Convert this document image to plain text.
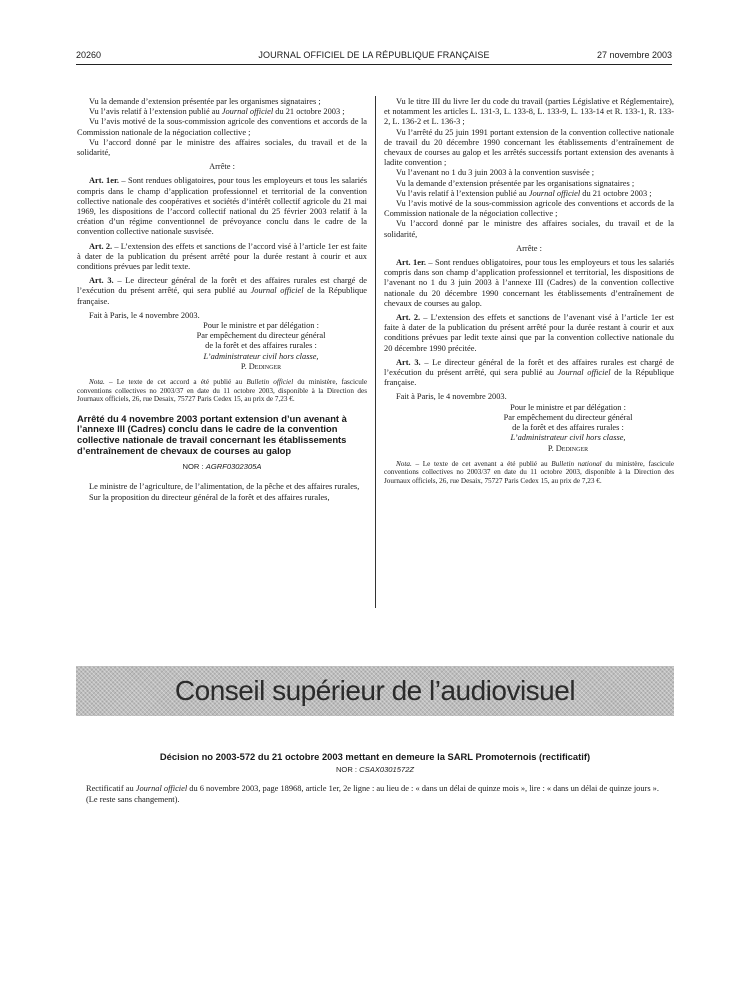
20260	JOURNAL OFFICIEL DE LA RÉPUBLIQUE FRANÇAISE	27 novembre 2003

Vu la demande d’extension présentée par les organismes signataires ;

Vu l’avis relatif à l’extension publié au Journal officiel du 21 octobre 2003 ;

Vu l’avis motivé de la sous-commission agricole des conventions et accords de la Commission nationale de la négociation collective ;

Vu l’accord donné par le ministre des affaires sociales, du travail et de la solidarité,

Arrête :

Art. 1er. – Sont rendues obligatoires, pour tous les employeurs et tous les salariés compris dans le champ d’application professionnel et territorial de la convention collective nationale des coopératives et sociétés d’intérêt collectif agricole du 21 mai 1969, les dispositions de l’accord collectif national du 25 février 2003 relatif à la création d’un régime conventionnel de prévoyance conclu dans le cadre de la convention collective nationale susvisée.

Art. 2. – L’extension des effets et sanctions de l’accord visé à l’article 1er est faite à dater de la publication du présent arrêté pour la durée restant à courir et aux conditions prévues par ledit texte.

Art. 3. – Le directeur général de la forêt et des affaires rurales est chargé de l’exécution du présent arrêté, qui sera publié au Journal officiel de la République française.

Fait à Paris, le 4 novembre 2003.

Pour le ministre et par délégation :
Par empêchement du directeur général
de la forêt et des affaires rurales :
L’administrateur civil hors classe,
P. Dedinger

Nota. – Le texte de cet accord a été publié au Bulletin officiel du ministère, fascicule conventions collectives no 2003/37 en date du 11 octobre 2003, disponible à la Direction des Journaux officiels, 26, rue Desaix, 75727 Paris Cedex 15, au prix de 7,23 €.

Arrêté du 4 novembre 2003 portant extension d’un avenant à l’annexe III (Cadres) conclu dans le cadre de la convention collective nationale de travail concernant les établissements d’entraînement de chevaux de courses au galop

NOR : AGRF0302305A

Le ministre de l’agriculture, de l’alimentation, de la pêche et des affaires rurales,

Sur la proposition du directeur général de la forêt et des affaires rurales,

Vu le titre III du livre Ier du code du travail (parties Législative et Réglementaire), et notamment les articles L. 131-3, L. 133-8, L. 133-9, L. 133-14 et R. 133-1, R. 133-2, L. 136-2 et L. 136-3 ;

Vu l’arrêté du 25 juin 1991 portant extension de la convention collective nationale de travail du 20 décembre 1990 concernant les établissements d’entraînement de chevaux de courses au galop et les arrêtés successifs portant extension des avenants à ladite convention ;

Vu l’avenant no 1 du 3 juin 2003 à la convention susvisée ;

Vu la demande d’extension présentée par les organisations signataires ;

Vu l’avis relatif à l’extension publié au Journal officiel du 21 octobre 2003 ;

Vu l’avis motivé de la sous-commission agricole des conventions et accords de la Commission nationale de la négociation collective ;

Vu l’accord donné par le ministre des affaires sociales, du travail et de la solidarité,

Arrête :

Art. 1er. – Sont rendues obligatoires, pour tous les employeurs et tous les salariés compris dans son champ d’application professionnel et territorial, les dispositions de l’avenant no 1 du 3 juin 2003 à l’annexe III (Cadres) de la convention collective nationale du 20 décembre 1990 concernant les établissements d’entraînement de chevaux de courses au galop.

Art. 2. – L’extension des effets et sanctions de l’avenant visé à l’article 1er est faite à dater de la publication du présent arrêté pour la durée restant à courir et aux conditions prévues par ledit texte ainsi que par la convention collective nationale du 20 décembre 1990 précitée.

Art. 3. – Le directeur général de la forêt et des affaires rurales est chargé de l’exécution du présent arrêté, qui sera publié au Journal officiel de la République française.

Fait à Paris, le 4 novembre 2003.

Pour le ministre et par délégation :
Par empêchement du directeur général
de la forêt et des affaires rurales :
L’administrateur civil hors classe,
P. Dedinger

Nota. – Le texte de cet avenant a été publié au Bulletin national du ministère, fascicule conventions collectives no 2003/37 en date du 11 octobre 2003, disponible à la Direction des Journaux officiels, 26, rue Desaix, 75727 Paris Cedex 15, au prix de 7,23 €.

Conseil supérieur de l’audiovisuel

Décision no 2003-572 du 21 octobre 2003 mettant en demeure la SARL Promoternois (rectificatif)

NOR : CSAX0301572Z

Rectificatif au Journal officiel du 6 novembre 2003, page 18968, article 1er, 2e ligne : au lieu de : « dans un délai de quinze mois », lire : « dans un délai de quinze jours ».

(Le reste sans changement).
